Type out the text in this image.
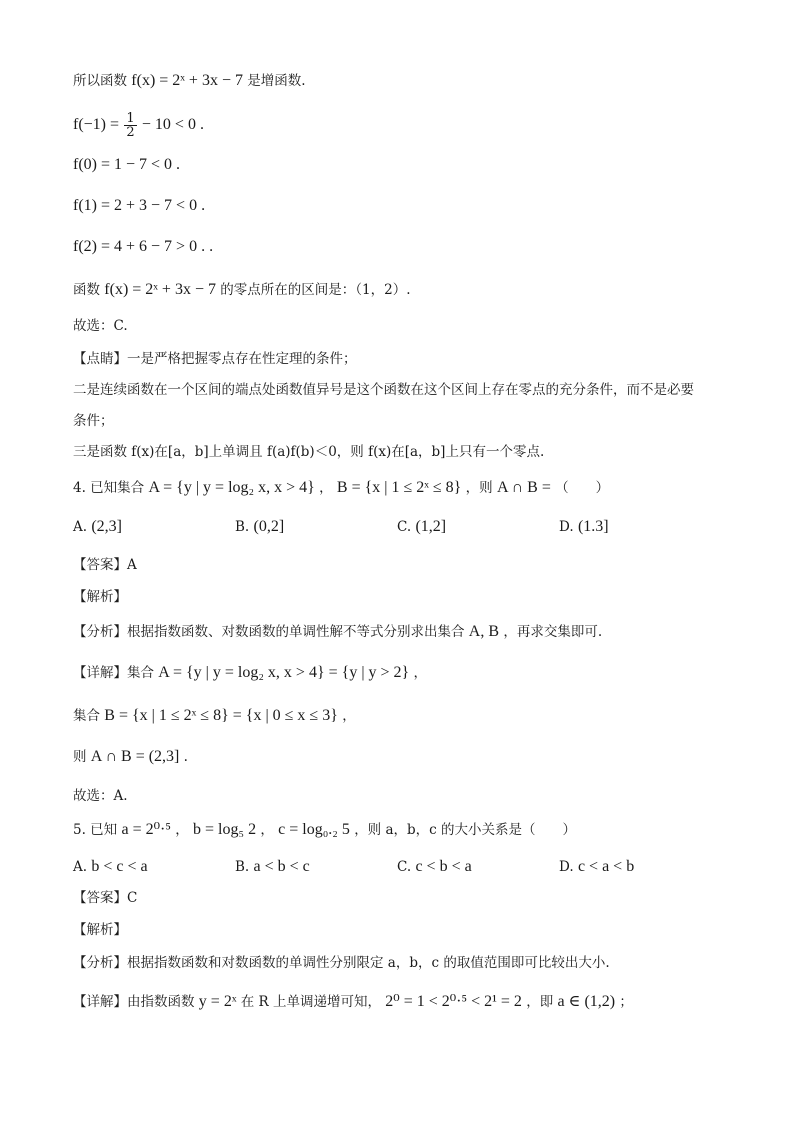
所以函数 f(x) = 2ˣ + 3x − 7 是增函数.
$f(-1) = \frac{1}{2} - 10 < 0$ .
f(0) = 1 − 7 < 0 .
f(1) = 2 + 3 − 7 < 0 .
f(2) = 4 + 6 − 7 > 0 . .
函数 f(x) = 2ˣ + 3x − 7 的零点所在的区间是：（1，2）.
故选：C.
【点睛】一是严格把握零点存在性定理的条件；
二是连续函数在一个区间的端点处函数值异号是这个函数在这个区间上存在零点的充分条件，而不是必要
条件；
三是函数 f(x)在[a，b]上单调且 f(a)f(b)＜0，则 f(x)在[a，b]上只有一个零点.
4. 已知集合 A = {y | y = log₂ x, x > 4} ， B = {x | 1 ≤ 2ˣ ≤ 8} ，则 A ∩ B = （　　）
A. (2,3]	B. (0,2]	C. (1,2]	D. (1.3]
【答案】A
【解析】
【分析】根据指数函数、对数函数的单调性解不等式分别求出集合 A, B ，再求交集即可.
【详解】集合 A = {y | y = log₂ x, x > 4} = {y | y > 2} ，
集合 B = {x | 1 ≤ 2ˣ ≤ 8} = {x | 0 ≤ x ≤ 3} ，
则 A ∩ B = (2,3] .
故选：A.
5. 已知 a = 2⁰·⁵ ， b = log₅ 2 ， c = log₀.₂ 5 ，则 a，b，c 的大小关系是（　　）
A. b < c < a	B. a < b < c	C. c < b < a	D. c < a < b
【答案】C
【解析】
【分析】根据指数函数和对数函数的单调性分别限定 a，b，c 的取值范围即可比较出大小.
【详解】由指数函数 y = 2ˣ 在 R 上单调递增可知， 2⁰ = 1 < 2⁰·⁵ < 2¹ = 2 ，即 a ∈ (1,2) ；
